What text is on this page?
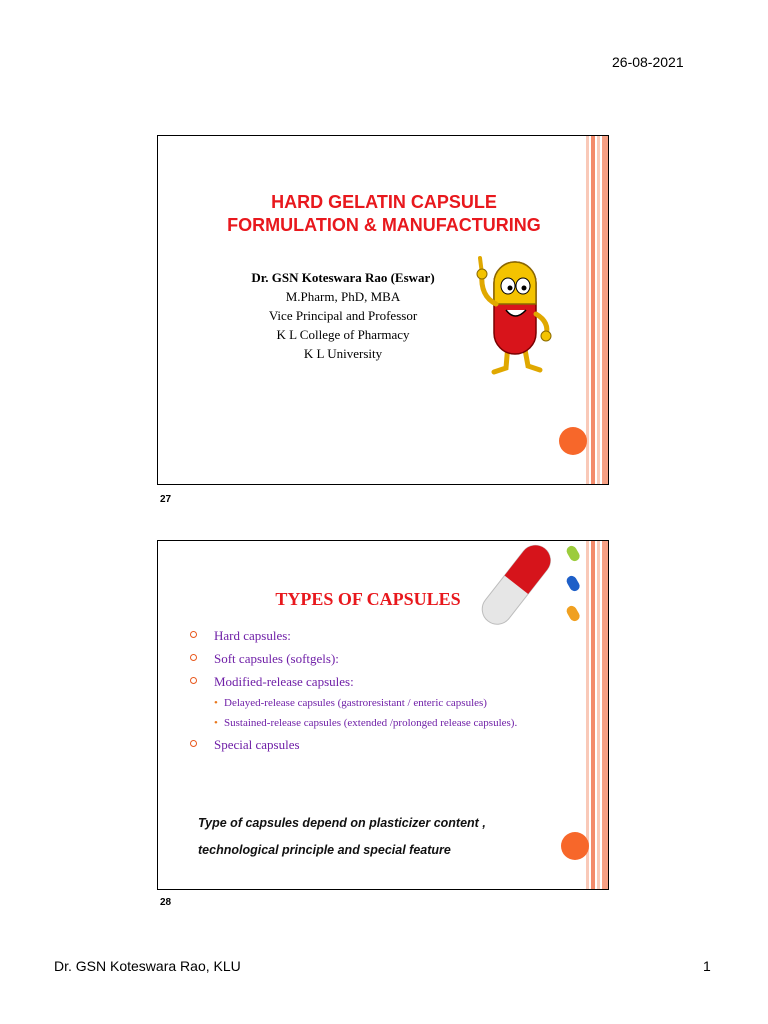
26-08-2021
HARD GELATIN CAPSULE
FORMULATION & MANUFACTURING
Dr. GSN Koteswara Rao (Eswar)
M.Pharm, PhD, MBA
Vice Principal and Professor
K L College of Pharmacy
K L University
27
TYPES OF CAPSULES
Hard capsules:
Soft capsules (softgels):
Modified-release capsules:
• Delayed-release capsules (gastroresistant / enteric capsules)
• Sustained-release capsules (extended /prolonged release capsules).
Special capsules
Type of capsules depend on plasticizer content ,
technological principle and special feature
28
Dr. GSN Koteswara Rao, KLU	1
